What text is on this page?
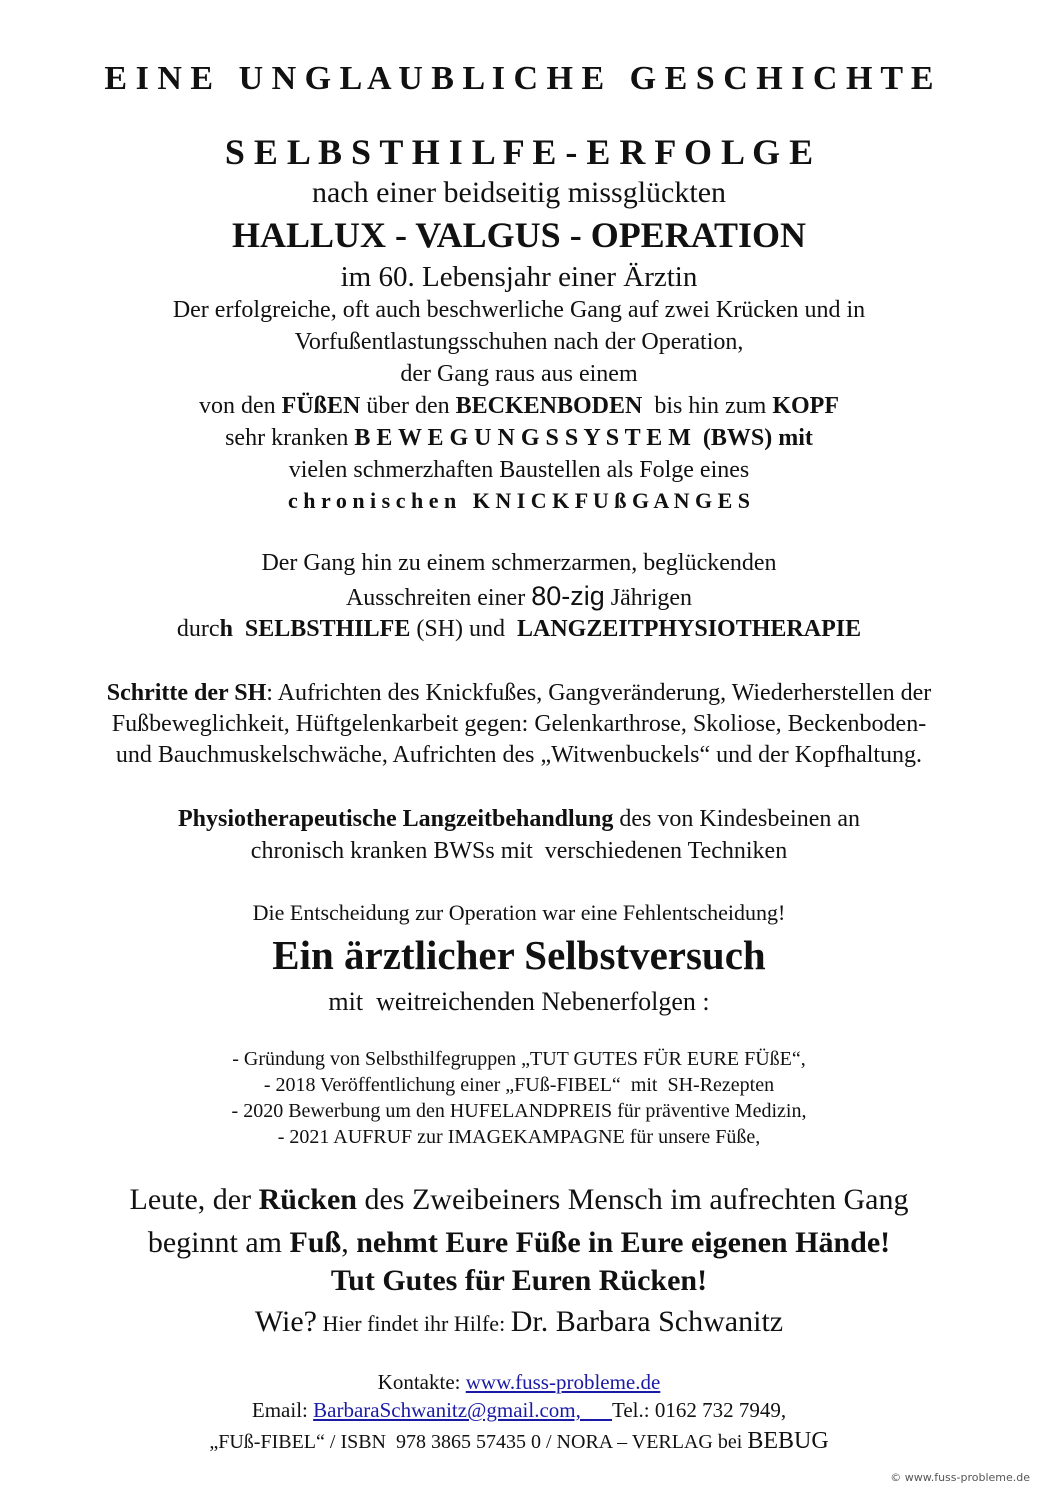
E I N E   U N G L A U B L I C H E   G E S C H I C H T E
S E L B S T H I L F E - E R F O L G E
nach einer beidseitig missglückten
HALLUX - VALGUS - OPERATION
im 60. Lebensjahr einer Ärztin
Der erfolgreiche, oft auch beschwerliche Gang auf zwei Krücken und in
Vorfußentlastungsschuhen nach der Operation,
der Gang raus aus einem
von den FÜßEN über den BECKENBODEN  bis hin zum KOPF
sehr kranken B E W E G U N G S S Y S T E M  (BWS) mit
vielen schmerzhaften Baustellen als Folge eines
c h r o n i s c h e n   K N I C K F U ß G A N G E S
Der Gang hin zu einem schmerzarmen, beglückenden
Ausschreiten einer 80-zig Jährigen
durch  SELBSTHILFE (SH) und  LANGZEITPHYSIOTHERAPIE
Schritte der SH: Aufrichten des Knickfußes, Gangveränderung, Wiederherstellen der
Fußbeweglichkeit, Hüftgelenkarbeit gegen: Gelenkarthrose, Skoliose, Beckenboden-
und Bauchmuskelschwäche, Aufrichten des „Witwenbuckels“ und der Kopfhaltung.
Physiotherapeutische Langzeitbehandlung des von Kindesbeinen an
chronisch kranken BWSs mit  verschiedenen Techniken
Die Entscheidung zur Operation war eine Fehlentscheidung!
Ein ärztlicher Selbstversuch
mit  weitreichenden Nebenerfolgen :
- Gründung von Selbsthilfegruppen „TUT GUTES FÜR EURE FÜßE“,
- 2018 Veröffentlichung einer „FUß-FIBEL“  mit  SH-Rezepten
- 2020 Bewerbung um den HUFELANDPREIS für präventive Medizin,
- 2021 AUFRUF zur IMAGEKAMPAGNE für unsere Füße,
Leute, der Rücken des Zweibeiners Mensch im aufrechten Gang
beginnt am Fuß, nehmt Eure Füße in Eure eigenen Hände!
Tut Gutes für Euren Rücken!
Wie? Hier findet ihr Hilfe: Dr. Barbara Schwanitz
Kontakte: www.fuss-probleme.de
Email: BarbaraSchwanitz@gmail.com,      Tel.: 0162 732 7949,
„FUß-FIBEL“ / ISBN  978 3865 57435 0 / NORA – VERLAG bei BEBUG
© www.fuss-probleme.de
